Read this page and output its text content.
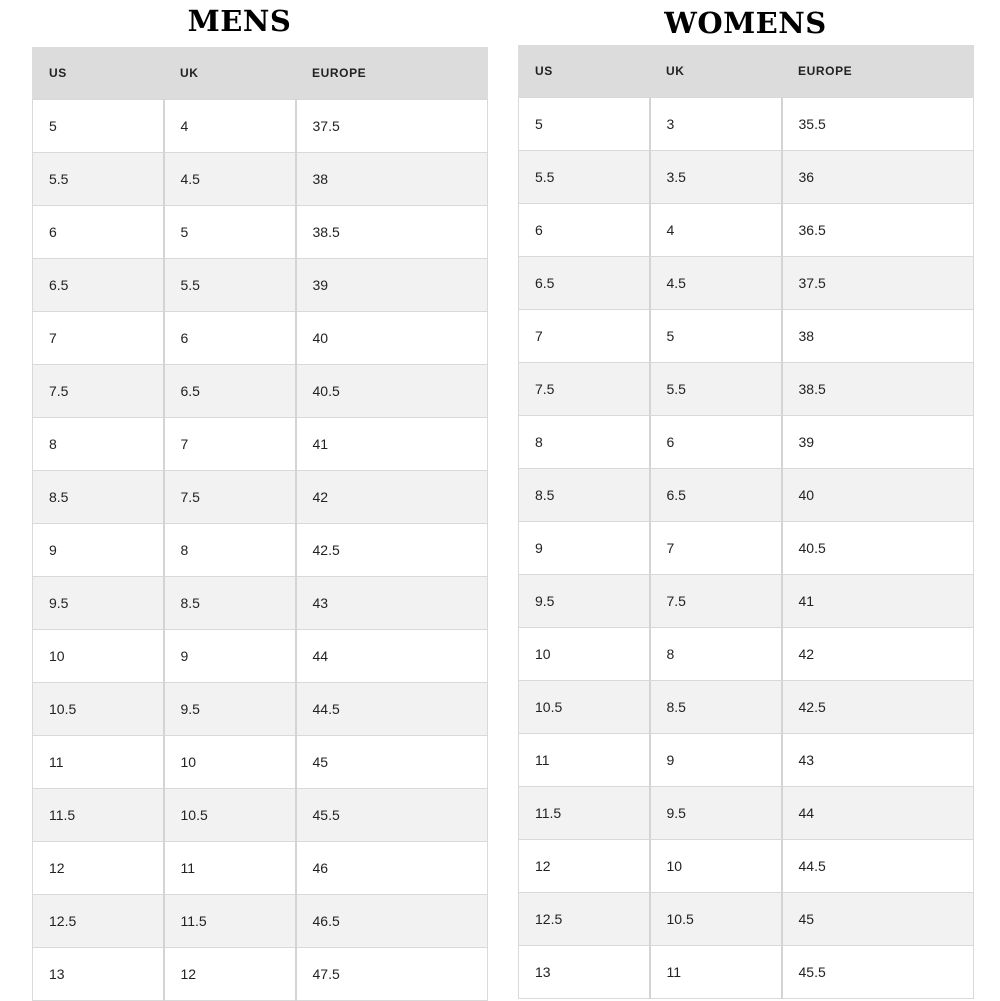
MENS
US	UK	EUROPE
5	4	37.5
5.5	4.5	38
6	5	38.5
6.5	5.5	39
7	6	40
7.5	6.5	40.5
8	7	41
8.5	7.5	42
9	8	42.5
9.5	8.5	43
10	9	44
10.5	9.5	44.5
11	10	45
11.5	10.5	45.5
12	11	46
12.5	11.5	46.5
13	12	47.5
WOMENS
US	UK	EUROPE
5	3	35.5
5.5	3.5	36
6	4	36.5
6.5	4.5	37.5
7	5	38
7.5	5.5	38.5
8	6	39
8.5	6.5	40
9	7	40.5
9.5	7.5	41
10	8	42
10.5	8.5	42.5
11	9	43
11.5	9.5	44
12	10	44.5
12.5	10.5	45
13	11	45.5
